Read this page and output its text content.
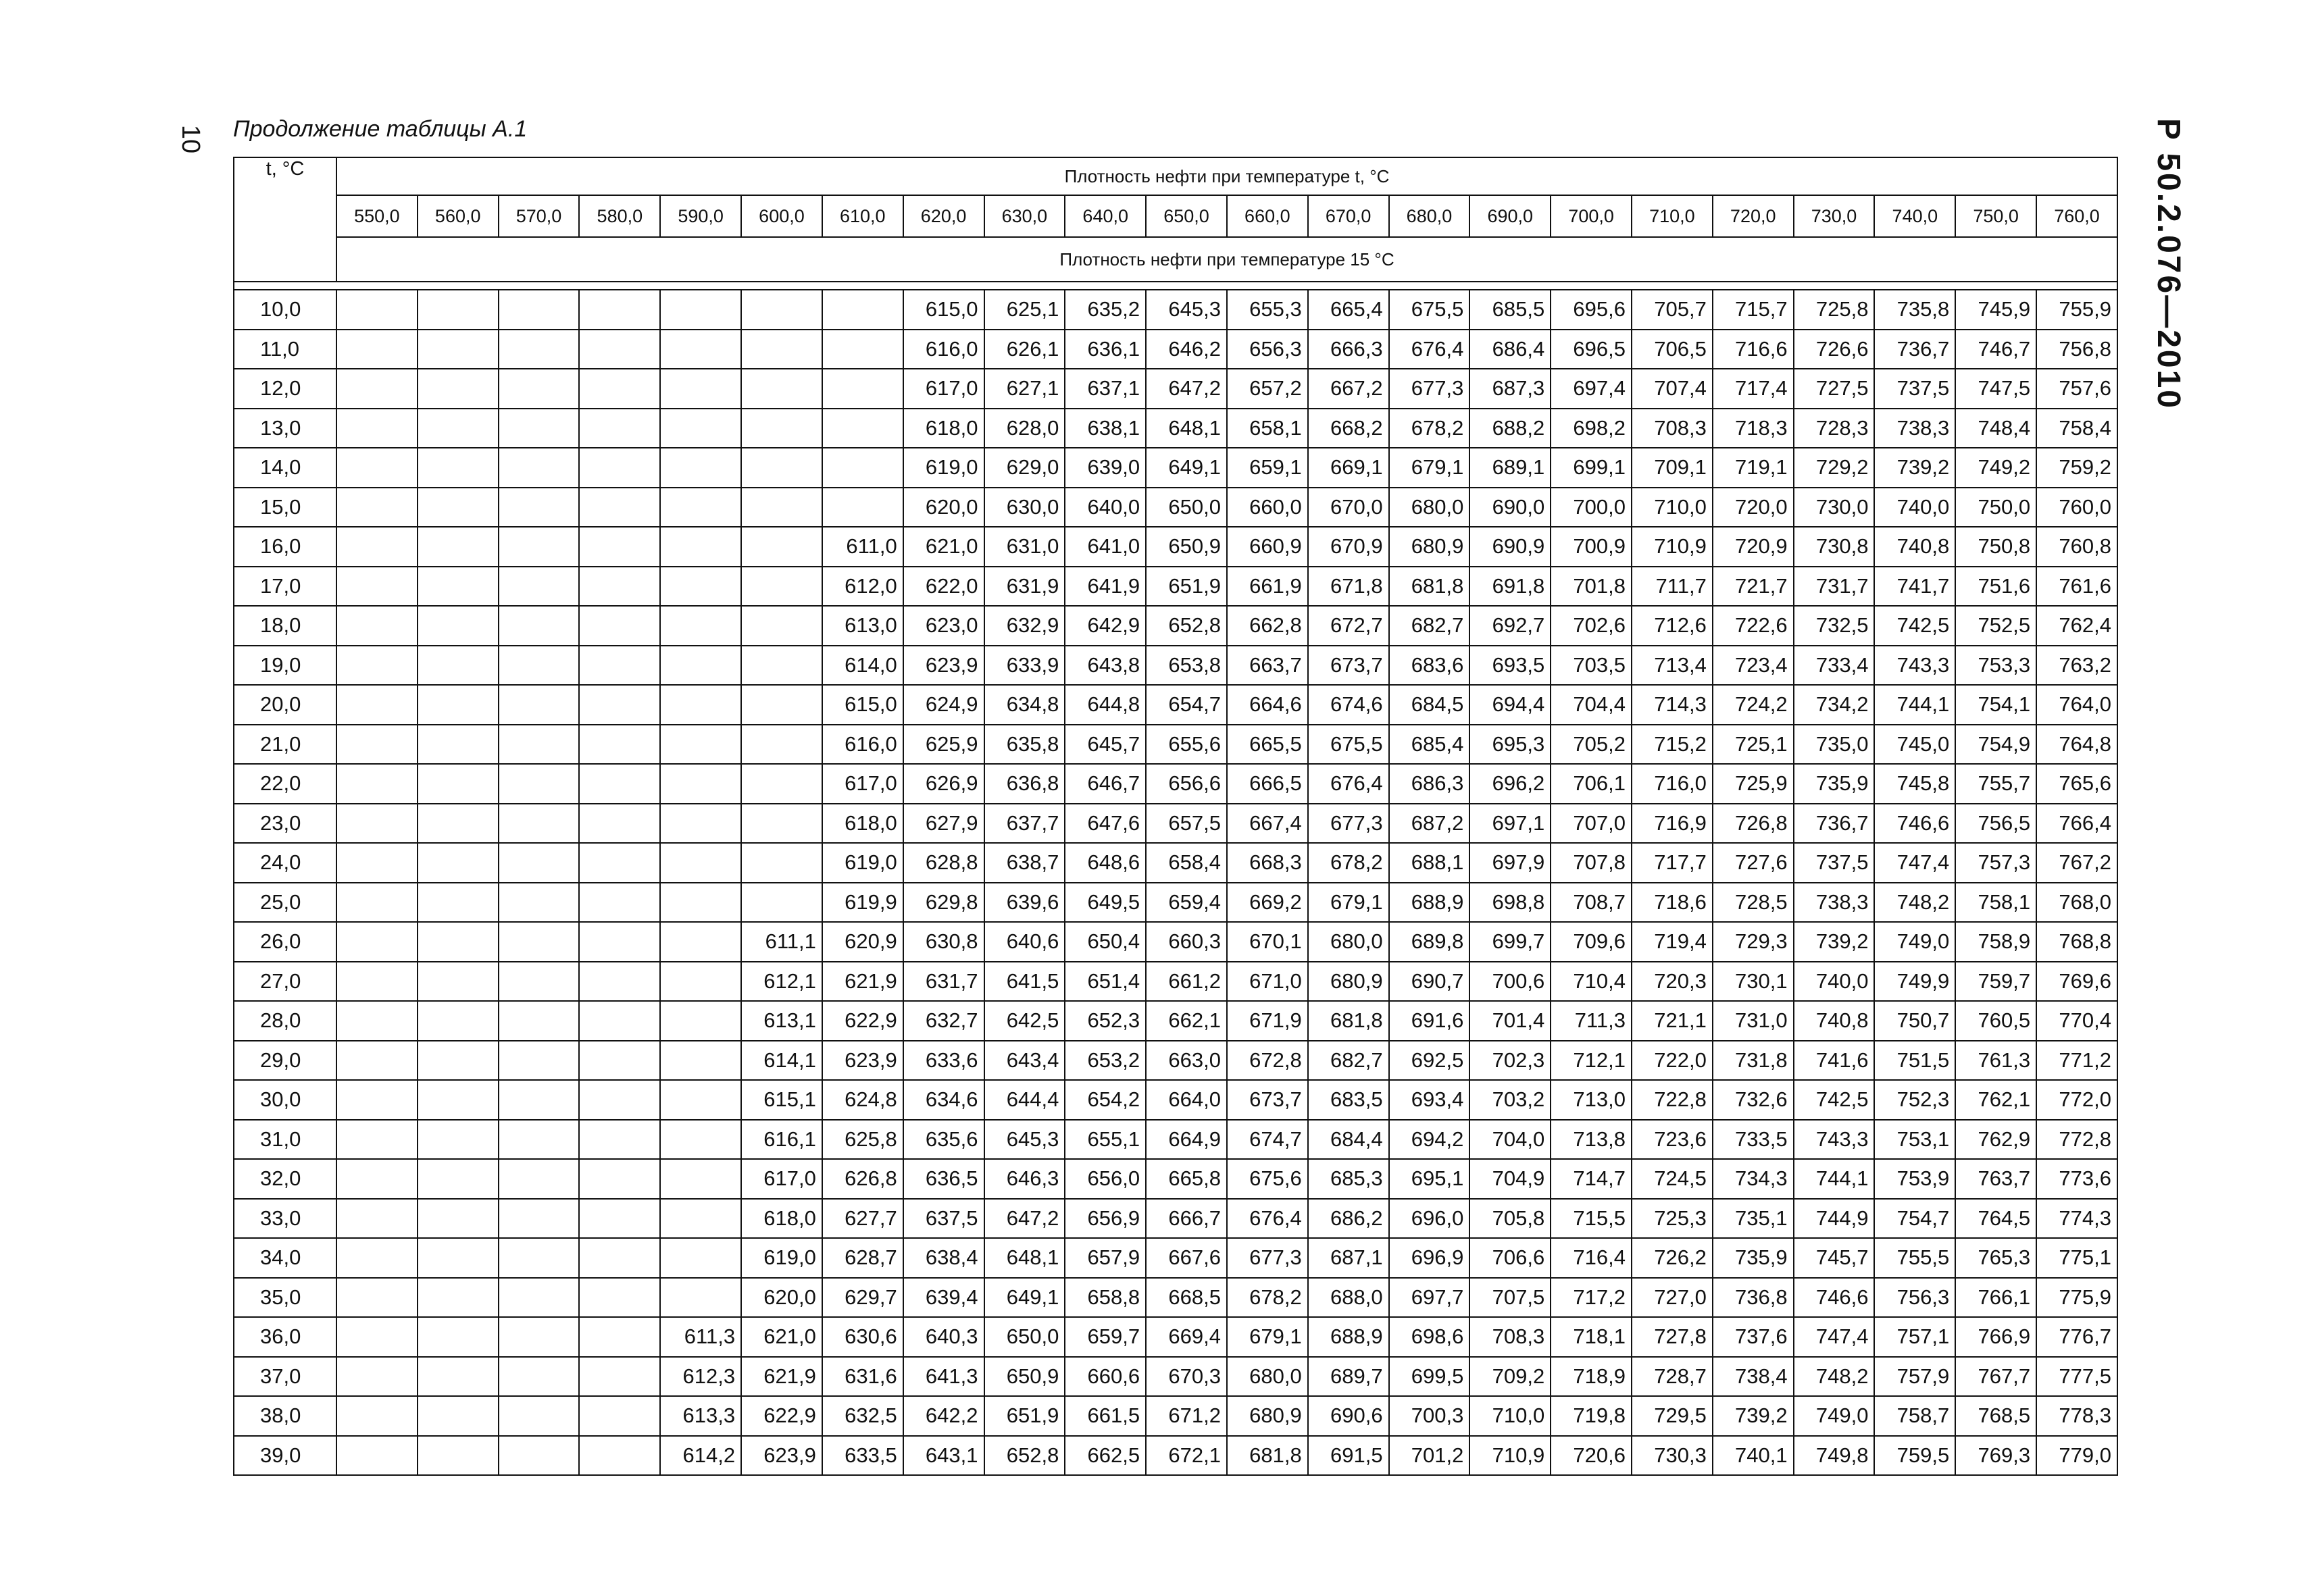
10 Продолжение таблицы А.1	Р 50.2.076—2010
t, °C	Плотность нефти при температуре t, °C																					
	550,0	560,0	570,0	580,0	590,0	600,0	610,0	620,0	630,0	640,0	650,0	660,0	670,0	680,0	690,0	700,0	710,0	720,0	730,0	740,0	750,0	760,0
	Плотность нефти при температуре 15 °C																					

10,0								615,0	625,1	635,2	645,3	655,3	665,4	675,5	685,5	695,6	705,7	715,7	725,8	735,8	745,9	755,9
11,0								616,0	626,1	636,1	646,2	656,3	666,3	676,4	686,4	696,5	706,5	716,6	726,6	736,7	746,7	756,8
12,0								617,0	627,1	637,1	647,2	657,2	667,2	677,3	687,3	697,4	707,4	717,4	727,5	737,5	747,5	757,6
13,0								618,0	628,0	638,1	648,1	658,1	668,2	678,2	688,2	698,2	708,3	718,3	728,3	738,3	748,4	758,4
14,0								619,0	629,0	639,0	649,1	659,1	669,1	679,1	689,1	699,1	709,1	719,1	729,2	739,2	749,2	759,2
15,0								620,0	630,0	640,0	650,0	660,0	670,0	680,0	690,0	700,0	710,0	720,0	730,0	740,0	750,0	760,0
16,0							611,0	621,0	631,0	641,0	650,9	660,9	670,9	680,9	690,9	700,9	710,9	720,9	730,8	740,8	750,8	760,8
17,0							612,0	622,0	631,9	641,9	651,9	661,9	671,8	681,8	691,8	701,8	711,7	721,7	731,7	741,7	751,6	761,6
18,0							613,0	623,0	632,9	642,9	652,8	662,8	672,7	682,7	692,7	702,6	712,6	722,6	732,5	742,5	752,5	762,4
19,0							614,0	623,9	633,9	643,8	653,8	663,7	673,7	683,6	693,5	703,5	713,4	723,4	733,4	743,3	753,3	763,2
20,0							615,0	624,9	634,8	644,8	654,7	664,6	674,6	684,5	694,4	704,4	714,3	724,2	734,2	744,1	754,1	764,0
21,0							616,0	625,9	635,8	645,7	655,6	665,5	675,5	685,4	695,3	705,2	715,2	725,1	735,0	745,0	754,9	764,8
22,0							617,0	626,9	636,8	646,7	656,6	666,5	676,4	686,3	696,2	706,1	716,0	725,9	735,9	745,8	755,7	765,6
23,0							618,0	627,9	637,7	647,6	657,5	667,4	677,3	687,2	697,1	707,0	716,9	726,8	736,7	746,6	756,5	766,4
24,0							619,0	628,8	638,7	648,6	658,4	668,3	678,2	688,1	697,9	707,8	717,7	727,6	737,5	747,4	757,3	767,2
25,0							619,9	629,8	639,6	649,5	659,4	669,2	679,1	688,9	698,8	708,7	718,6	728,5	738,3	748,2	758,1	768,0
26,0						611,1	620,9	630,8	640,6	650,4	660,3	670,1	680,0	689,8	699,7	709,6	719,4	729,3	739,2	749,0	758,9	768,8
27,0						612,1	621,9	631,7	641,5	651,4	661,2	671,0	680,9	690,7	700,6	710,4	720,3	730,1	740,0	749,9	759,7	769,6
28,0						613,1	622,9	632,7	642,5	652,3	662,1	671,9	681,8	691,6	701,4	711,3	721,1	731,0	740,8	750,7	760,5	770,4
29,0						614,1	623,9	633,6	643,4	653,2	663,0	672,8	682,7	692,5	702,3	712,1	722,0	731,8	741,6	751,5	761,3	771,2
30,0						615,1	624,8	634,6	644,4	654,2	664,0	673,7	683,5	693,4	703,2	713,0	722,8	732,6	742,5	752,3	762,1	772,0
31,0						616,1	625,8	635,6	645,3	655,1	664,9	674,7	684,4	694,2	704,0	713,8	723,6	733,5	743,3	753,1	762,9	772,8
32,0						617,0	626,8	636,5	646,3	656,0	665,8	675,6	685,3	695,1	704,9	714,7	724,5	734,3	744,1	753,9	763,7	773,6
33,0						618,0	627,7	637,5	647,2	656,9	666,7	676,4	686,2	696,0	705,8	715,5	725,3	735,1	744,9	754,7	764,5	774,3
34,0						619,0	628,7	638,4	648,1	657,9	667,6	677,3	687,1	696,9	706,6	716,4	726,2	735,9	745,7	755,5	765,3	775,1
35,0						620,0	629,7	639,4	649,1	658,8	668,5	678,2	688,0	697,7	707,5	717,2	727,0	736,8	746,6	756,3	766,1	775,9
36,0					611,3	621,0	630,6	640,3	650,0	659,7	669,4	679,1	688,9	698,6	708,3	718,1	727,8	737,6	747,4	757,1	766,9	776,7
37,0					612,3	621,9	631,6	641,3	650,9	660,6	670,3	680,0	689,7	699,5	709,2	718,9	728,7	738,4	748,2	757,9	767,7	777,5
38,0					613,3	622,9	632,5	642,2	651,9	661,5	671,2	680,9	690,6	700,3	710,0	719,8	729,5	739,2	749,0	758,7	768,5	778,3
39,0					614,2	623,9	633,5	643,1	652,8	662,5	672,1	681,8	691,5	701,2	710,9	720,6	730,3	740,1	749,8	759,5	769,3	779,0
